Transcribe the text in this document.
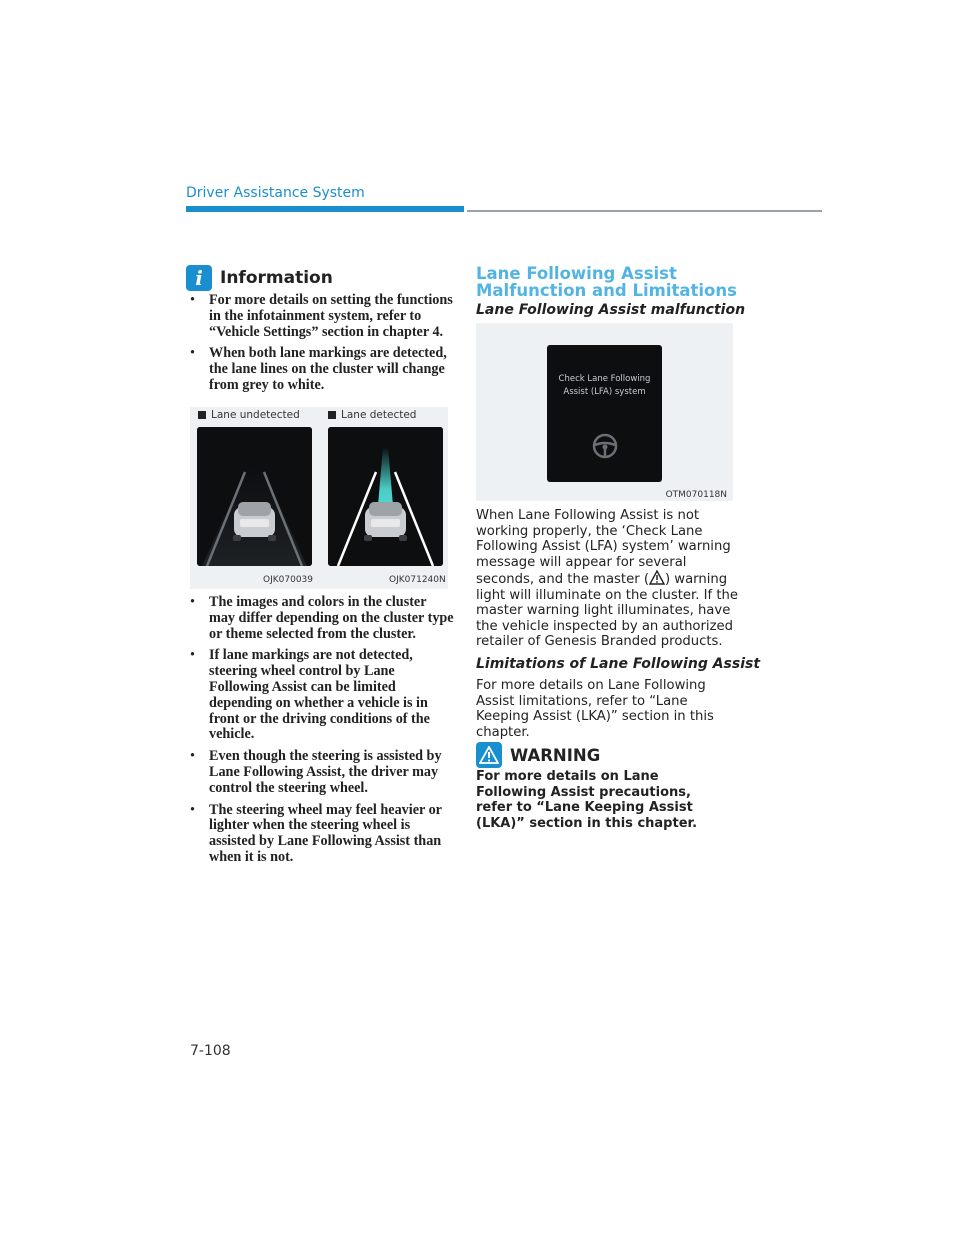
Driver Assistance System
i	Information
• For more details on setting the functions in the infotainment system, refer to “Vehicle Settings” section in chapter 4.
• When both lane markings are detected, the lane lines on the cluster will change from grey to white.
Lane undetected
OJK070039
Lane detected
OJK071240N
• The images and colors in the cluster may differ depending on the cluster type or theme selected from the cluster.
• If lane markings are not detected, steering wheel control by Lane Following Assist can be limited depending on whether a vehicle is in front or the driving conditions of the vehicle.
• Even though the steering is assisted by Lane Following Assist, the driver may control the steering wheel.
• The steering wheel may feel heavier or lighter when the steering wheel is assisted by Lane Following Assist than when it is not.
Lane Following Assist
Malfunction and Limitations
Lane Following Assist malfunction
Check Lane Following
Assist (LFA) system
OTM070118N
When Lane Following Assist is not working properly, the ‘Check Lane Following Assist (LFA) system’ warning message will appear for several seconds, and the master ( ) warning light will illuminate on the cluster. If the master warning light illuminates, have the vehicle inspected by an authorized retailer of Genesis Branded products.
Limitations of Lane Following Assist
For more details on Lane Following Assist limitations, refer to “Lane Keeping Assist (LKA)” section in this chapter.
WARNING
For more details on Lane Following Assist precautions, refer to “Lane Keeping Assist (LKA)” section in this chapter.
7-108
